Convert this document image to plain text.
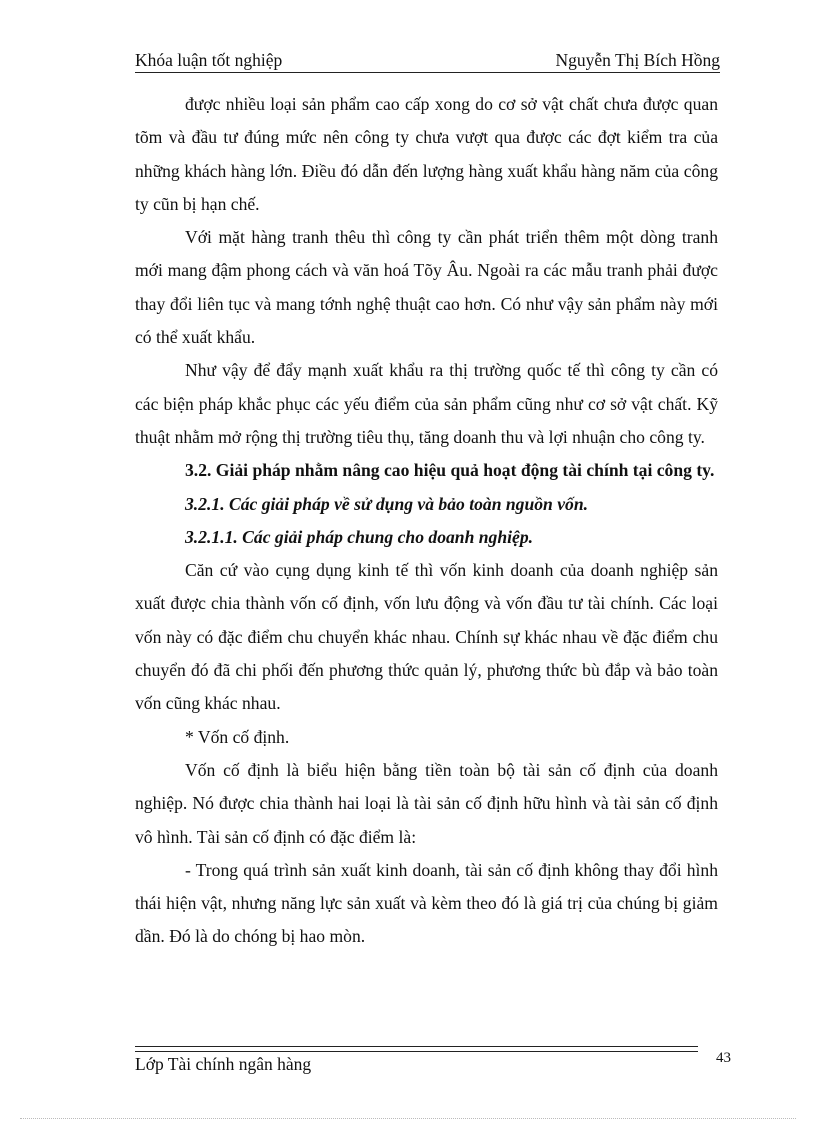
Khóa luận tốt nghiệp	Nguyễn Thị Bích Hồng

được nhiều loại sản phẩm cao cấp xong do cơ sở vật chất chưa được quan tõm và đầu tư đúng mức nên công ty chưa vượt qua được các đợt kiểm tra của những khách hàng lớn. Điều đó dẫn đến lượng hàng xuất khẩu hàng năm của công ty cũn bị hạn chế.

Với mặt hàng tranh thêu thì công ty cần phát triển thêm một dòng tranh mới mang đậm phong cách và văn hoá Tõy Âu. Ngoài ra các mẫu tranh phải được thay đổi liên tục và mang tớnh nghệ thuật cao hơn. Có như vậy sản phẩm này mới có thể xuất khẩu.

Như vậy để đẩy mạnh xuất khẩu ra thị trường quốc tế thì công ty cần có các biện pháp khắc phục các yếu điểm của sản phẩm cũng như cơ sở vật chất. Kỹ thuật nhằm mở rộng thị trường tiêu thụ, tăng doanh thu và lợi nhuận cho công ty.

3.2. Giải pháp nhằm nâng cao hiệu quả hoạt động tài chính tại công ty.

3.2.1. Các giải pháp về sử dụng và bảo toàn nguồn vốn.

3.2.1.1. Các giải pháp chung cho doanh nghiệp.

Căn cứ vào cụng dụng kinh tế thì vốn kinh doanh của doanh nghiệp sản xuất được chia thành vốn cố định, vốn lưu động và vốn đầu tư tài chính. Các loại vốn này có đặc điểm chu chuyển khác nhau. Chính sự khác nhau về đặc điểm chu chuyển đó đã chi phối đến phương thức quản lý, phương thức bù đắp và bảo toàn vốn cũng khác nhau.

* Vốn cố định.

Vốn cố định là biểu hiện bằng tiền toàn bộ tài sản cố định của doanh nghiệp. Nó được chia thành hai loại là tài sản cố định hữu hình và tài sản cố định vô hình. Tài sản cố định có đặc điểm là:

- Trong quá trình sản xuất kinh doanh, tài sản cố định không thay đổi hình thái hiện vật, nhưng năng lực sản xuất và kèm theo đó là giá trị của chúng bị giảm dần. Đó là do chóng bị hao mòn.

Lớp Tài chính ngân hàng	43
